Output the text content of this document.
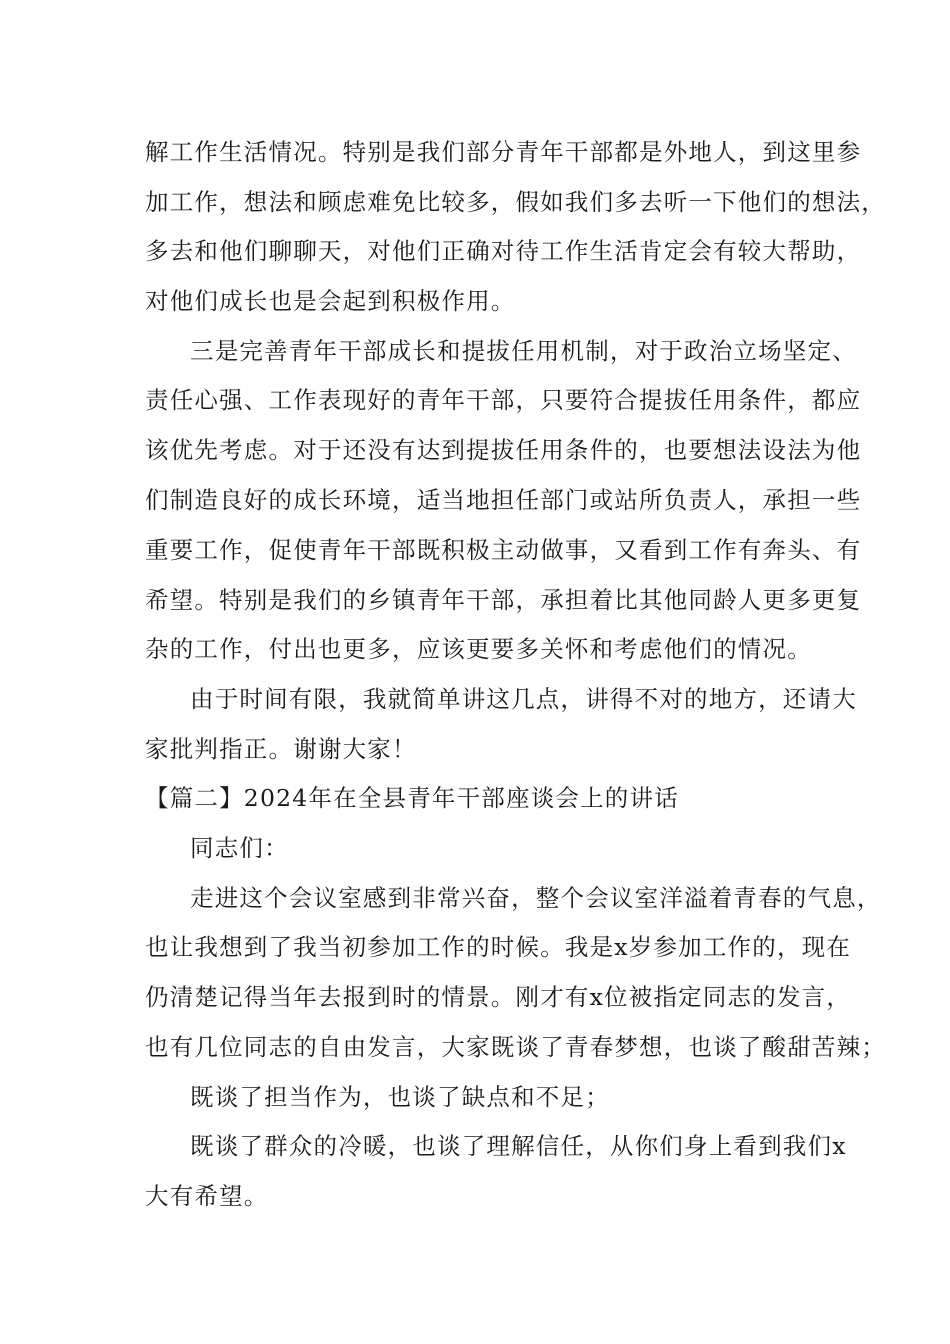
解工作生活情况。特别是我们部分青年干部都是外地人，到这里参
加工作，想法和顾虑难免比较多，假如我们多去听一下他们的想法，
多去和他们聊聊天，对他们正确对待工作生活肯定会有较大帮助，
对他们成长也是会起到积极作用。
三是完善青年干部成长和提拔任用机制，对于政治立场坚定、
责任心强、工作表现好的青年干部，只要符合提拔任用条件，都应
该优先考虑。对于还没有达到提拔任用条件的，也要想法设法为他
们制造良好的成长环境，适当地担任部门或站所负责人，承担一些
重要工作，促使青年干部既积极主动做事，又看到工作有奔头、有
希望。特别是我们的乡镇青年干部，承担着比其他同龄人更多更复
杂的工作，付出也更多，应该更要多关怀和考虑他们的情况。
由于时间有限，我就简单讲这几点，讲得不对的地方，还请大
家批判指正。谢谢大家！
【篇二】2024年在全县青年干部座谈会上的讲话
同志们：
走进这个会议室感到非常兴奋，整个会议室洋溢着青春的气息，
也让我想到了我当初参加工作的时候。我是x岁参加工作的，现在
仍清楚记得当年去报到时的情景。刚才有x位被指定同志的发言，
也有几位同志的自由发言，大家既谈了青春梦想，也谈了酸甜苦辣；
既谈了担当作为，也谈了缺点和不足；
既谈了群众的冷暖，也谈了理解信任，从你们身上看到我们x
大有希望。
